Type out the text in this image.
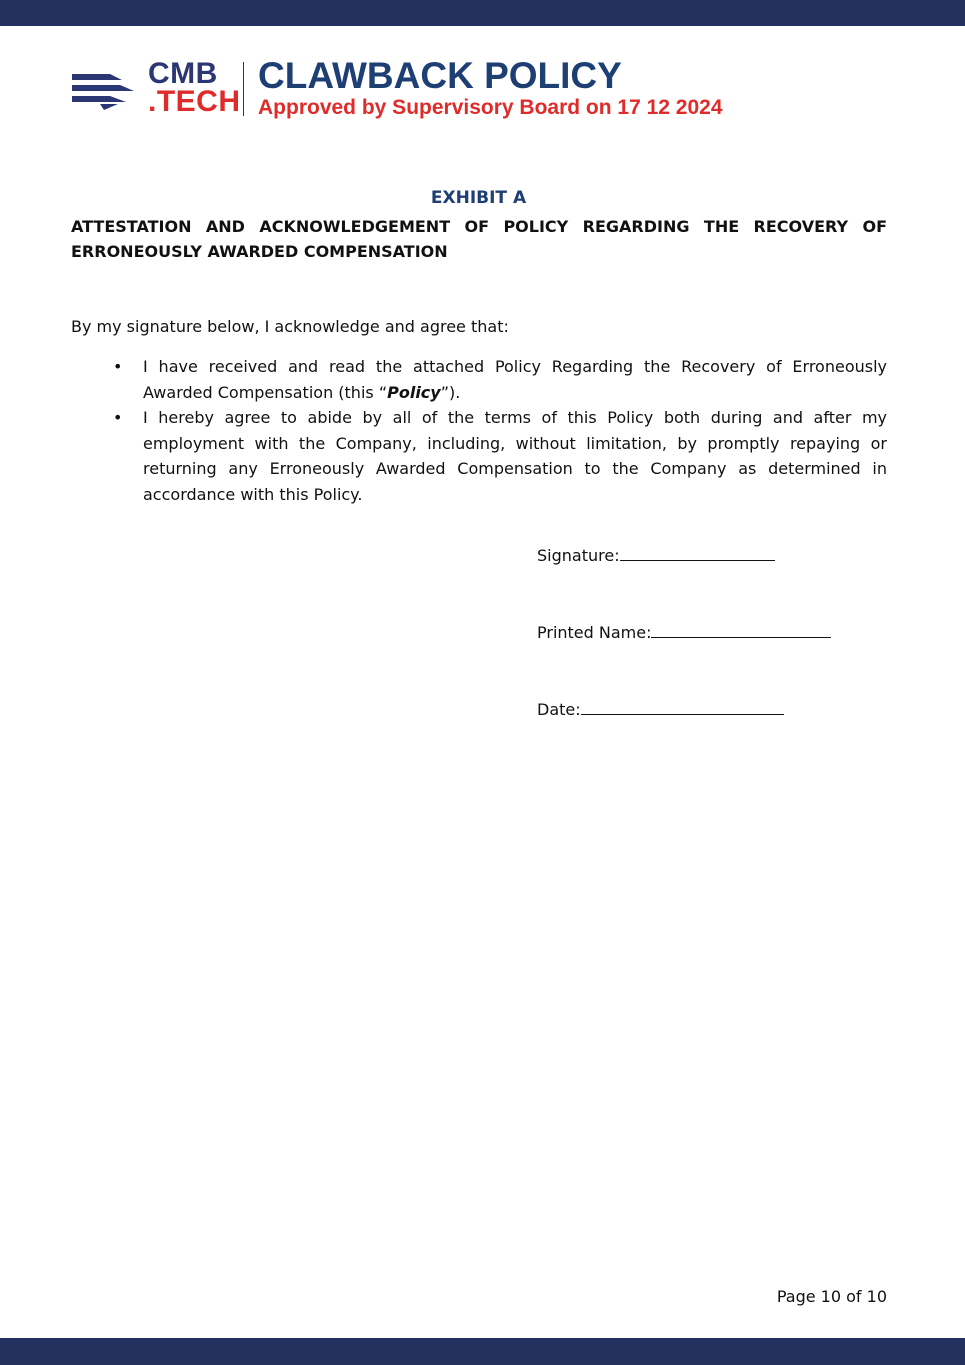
CMB
.TECH
CLAWBACK POLICY
Approved by Supervisory Board on 17 12 2024
EXHIBIT A
ATTESTATION AND ACKNOWLEDGEMENT OF POLICY REGARDING THE RECOVERY OF ERRONEOUSLY AWARDED COMPENSATION
By my signature below, I acknowledge and agree that:
• I have received and read the attached Policy Regarding the Recovery of Erroneously Awarded Compensation (this “Policy”).
• I hereby agree to abide by all of the terms of this Policy both during and after my employment with the Company, including, without limitation, by promptly repaying or returning any Erroneously Awarded Compensation to the Company as determined in accordance with this Policy.
Signature:
Printed Name:
Date:
Page 10 of 10
